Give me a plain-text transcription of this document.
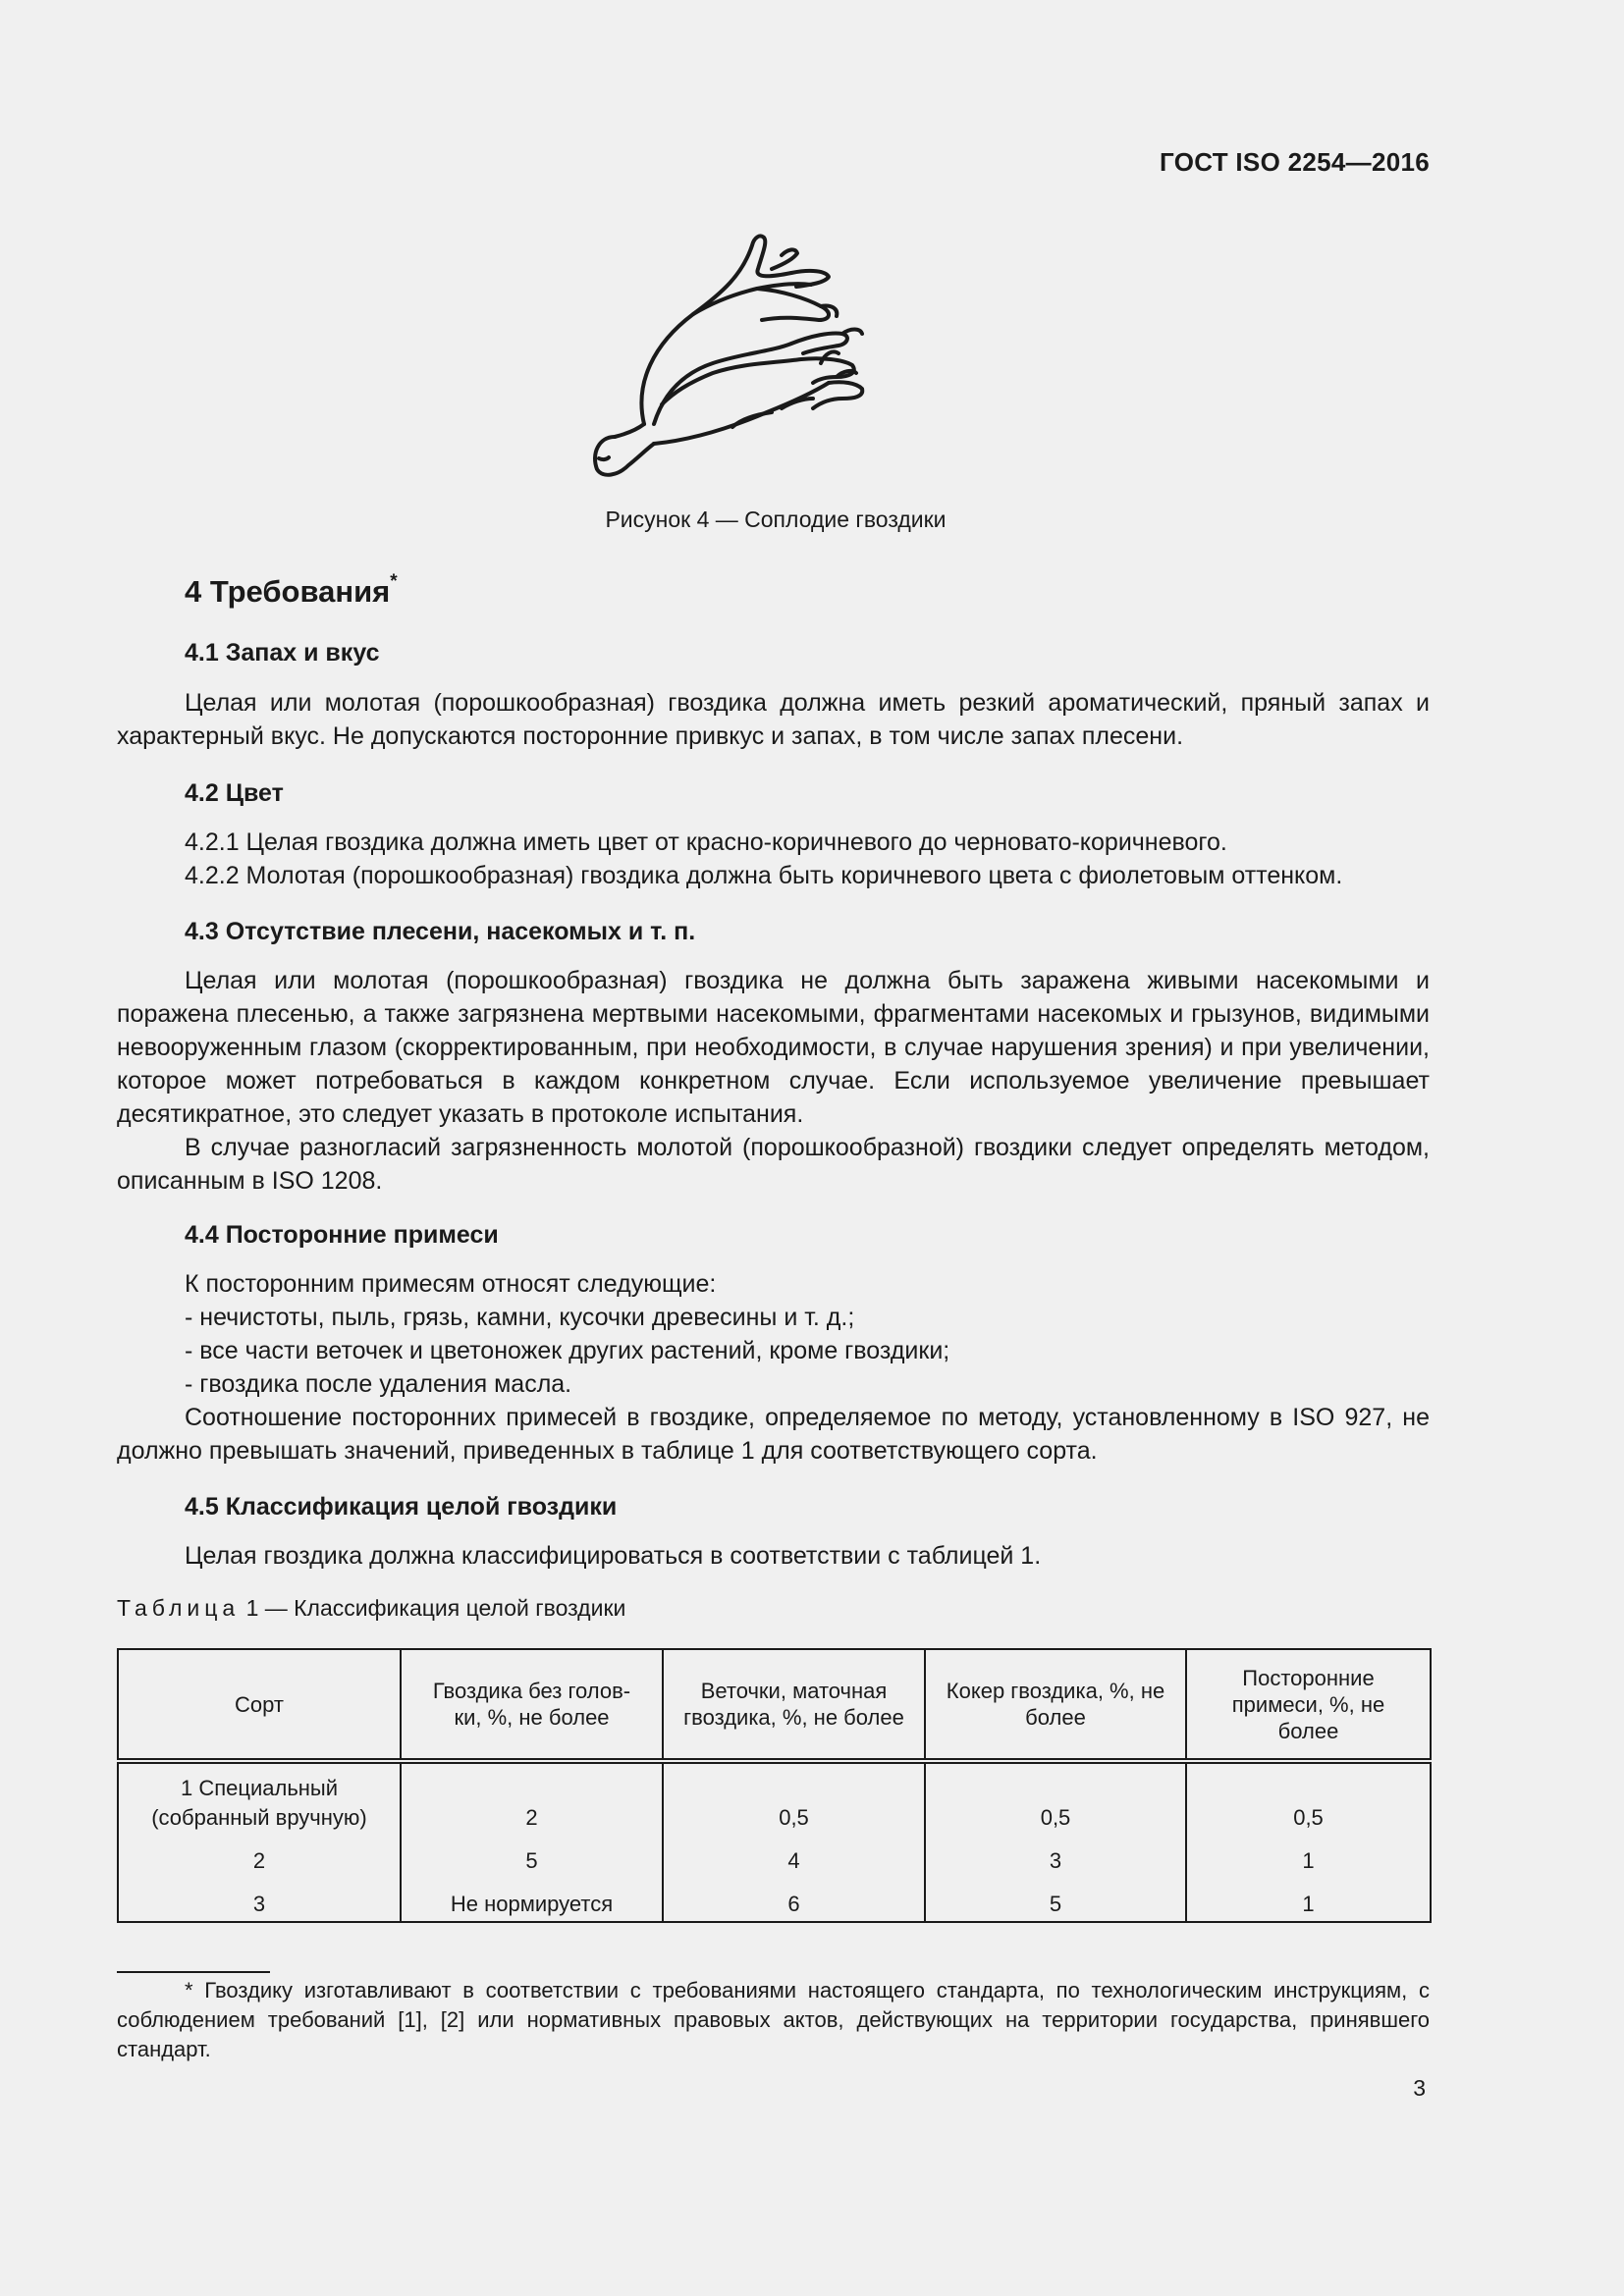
ГОСТ ISO 2254—2016
Рисунок 4 — Соплодие гвоздики
4 Требования*
4.1 Запах и вкус

Целая или молотая (порошкообразная) гвоздика должна иметь резкий ароматический, пряный запах и характерный вкус. Не допускаются посторонние привкус и запах, в том числе запах плесени.

4.2 Цвет

4.2.1 Целая гвоздика должна иметь цвет от красно-коричневого до черновато-коричневого.

4.2.2 Молотая (порошкообразная) гвоздика должна быть коричневого цвета с фиолетовым оттенком.

4.3 Отсутствие плесени, насекомых и т. п.

Целая или молотая (порошкообразная) гвоздика не должна быть заражена живыми насекомыми и поражена плесенью, а также загрязнена мертвыми насекомыми, фрагментами насекомых и грызунов, видимыми невооруженным глазом (скорректированным, при необходимости, в случае нарушения зрения) и при увеличении, которое может потребоваться в каждом конкретном случае. Если используемое увеличение превышает десятикратное, это следует указать в протоколе испытания.

В случае разногласий загрязненность молотой (порошкообразной) гвоздики следует определять методом, описанным в ISO 1208.

4.4 Посторонние примеси

К посторонним примесям относят следующие:

- нечистоты, пыль, грязь, камни, кусочки древесины и т. д.;

- все части веточек и цветоножек других растений, кроме гвоздики;

- гвоздика после удаления масла.

Соотношение посторонних примесей в гвоздике, определяемое по методу, установленному в ISO 927, не должно превышать значений, приведенных в таблице 1 для соответствующего сорта.

4.5 Классификация целой гвоздики

Целая гвоздика должна классифицироваться в соответствии с таблицей 1.

Таблица 1 — Классификация целой гвоздики
Сорт	Гвоздика без голов-ки, %, не более	Веточки, маточная гвоздика, %, не более	Кокер гвоздика, %, не более	Посторонние примеси, %, не более
1 Специальный (собранный вручную)	2	0,5	0,5	0,5
2	5	4	3	1
3	Не нормируется	6	5	1

* Гвоздику изготавливают в соответствии с требованиями настоящего стандарта, по технологическим инструкциям, с соблюдением требований [1], [2] или нормативных правовых актов, действующих на территории государства, принявшего стандарт.

3
